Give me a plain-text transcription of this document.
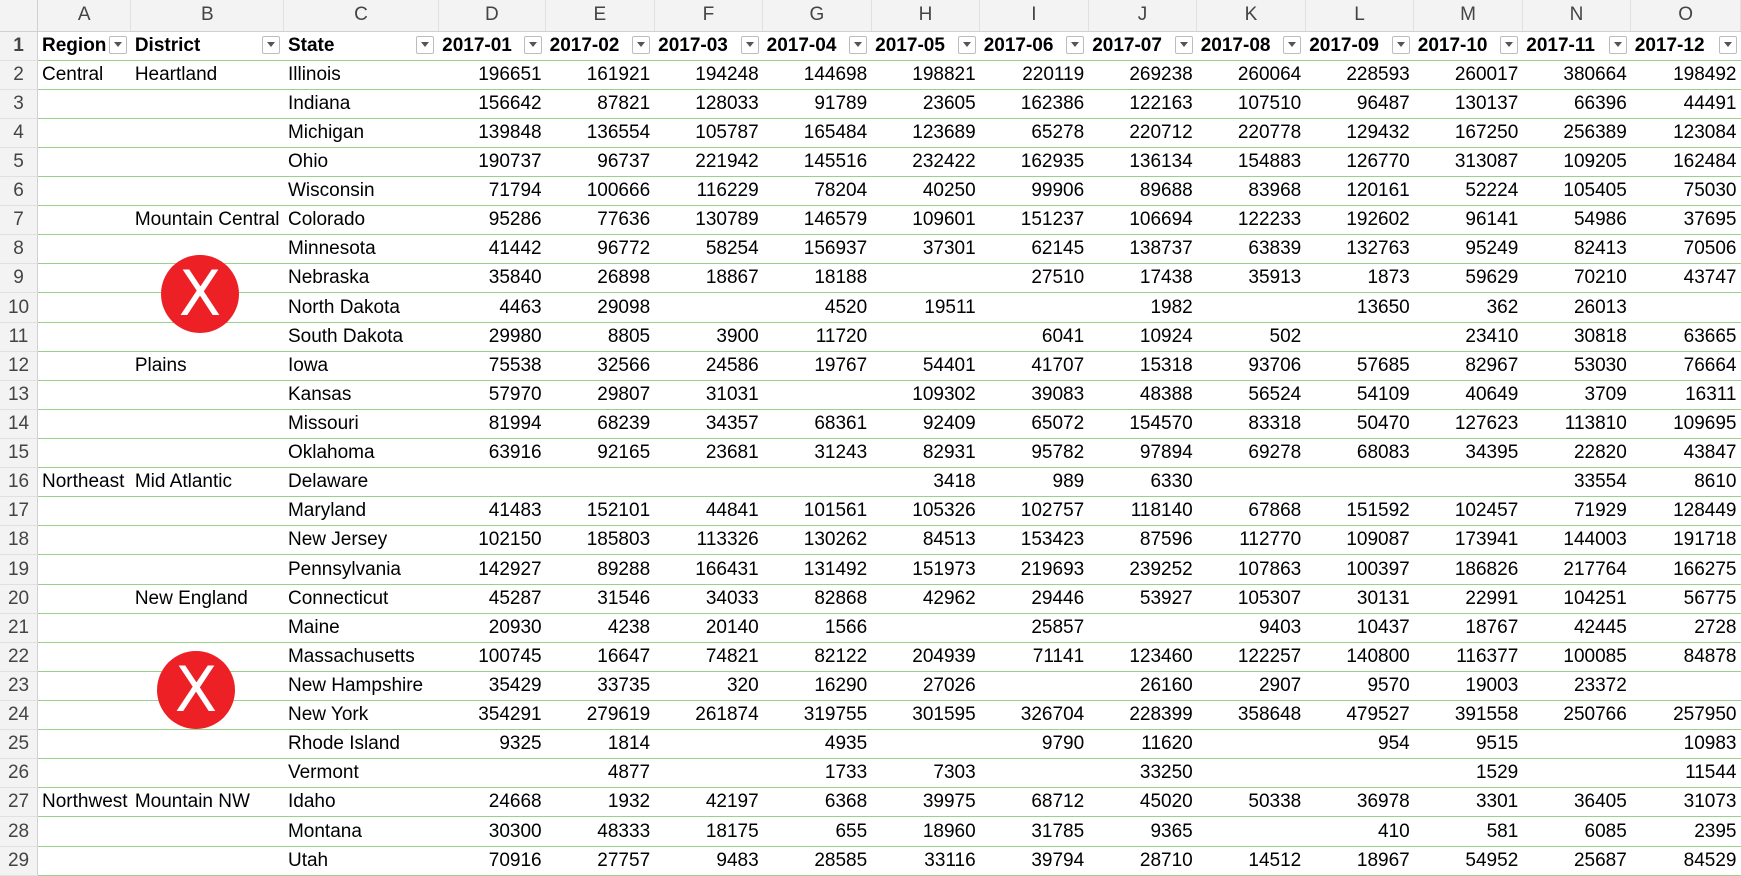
	A	B	C	D	E	F	G	H	I	J	K	L	M	N	O
1	Region	District	State	2017-01	2017-02	2017-03	2017-04	2017-05	2017-06	2017-07	2017-08	2017-09	2017-10	2017-11	2017-12

2	Central	Heartland	Illinois	196651	161921	194248	144698	198821	220119	269238	260064	228593	260017	380664	198492
3			Indiana	156642	87821	128033	91789	23605	162386	122163	107510	96487	130137	66396	44491
4			Michigan	139848	136554	105787	165484	123689	65278	220712	220778	129432	167250	256389	123084
5			Ohio	190737	96737	221942	145516	232422	162935	136134	154883	126770	313087	109205	162484
6			Wisconsin	71794	100666	116229	78204	40250	99906	89688	83968	120161	52224	105405	75030
7		Mountain Central	Colorado	95286	77636	130789	146579	109601	151237	106694	122233	192602	96141	54986	37695
8			Minnesota	41442	96772	58254	156937	37301	62145	138737	63839	132763	95249	82413	70506
9			Nebraska	35840	26898	18867	18188		27510	17438	35913	1873	59629	70210	43747
10			North Dakota	4463	29098		4520	19511		1982		13650	362	26013	
11			South Dakota	29980	8805	3900	11720		6041	10924	502		23410	30818	63665
12		Plains	Iowa	75538	32566	24586	19767	54401	41707	15318	93706	57685	82967	53030	76664
13			Kansas	57970	29807	31031		109302	39083	48388	56524	54109	40649	3709	16311
14			Missouri	81994	68239	34357	68361	92409	65072	154570	83318	50470	127623	113810	109695
15			Oklahoma	63916	92165	23681	31243	82931	95782	97894	69278	68083	34395	22820	43847
16	Northeast	Mid Atlantic	Delaware					3418	989	6330				33554	8610
17			Maryland	41483	152101	44841	101561	105326	102757	118140	67868	151592	102457	71929	128449
18			New Jersey	102150	185803	113326	130262	84513	153423	87596	112770	109087	173941	144003	191718
19			Pennsylvania	142927	89288	166431	131492	151973	219693	239252	107863	100397	186826	217764	166275
20		New England	Connecticut	45287	31546	34033	82868	42962	29446	53927	105307	30131	22991	104251	56775
21			Maine	20930	4238	20140	1566		25857		9403	10437	18767	42445	2728
22			Massachusetts	100745	16647	74821	82122	204939	71141	123460	122257	140800	116377	100085	84878
23			New Hampshire	35429	33735	320	16290	27026		26160	2907	9570	19003	23372	
24			New York	354291	279619	261874	319755	301595	326704	228399	358648	479527	391558	250766	257950
25			Rhode Island	9325	1814		4935		9790	11620		954	9515		10983
26			Vermont		4877		1733	7303		33250			1529		11544
27	Northwest	Mountain NW	Idaho	24668	1932	42197	6368	39975	68712	45020	50338	36978	3301	36405	31073
28			Montana	30300	48333	18175	655	18960	31785	9365		410	581	6085	2395
29			Utah	70916	27757	9483	28585	33116	39794	28710	14512	18967	54952	25687	84529
X
X
